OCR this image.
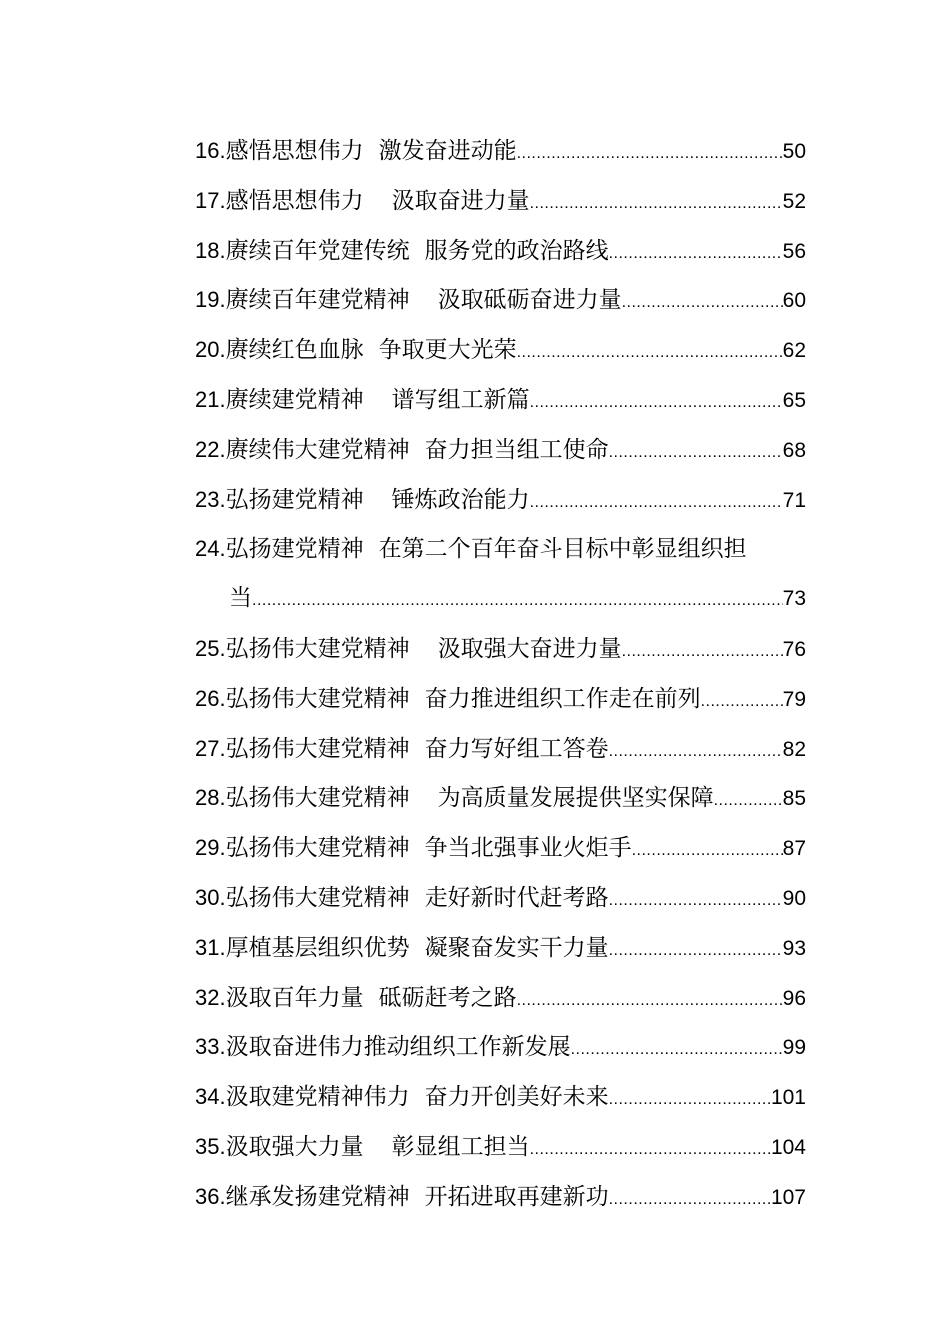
16. 感悟思想伟力 激发奋进动能 .....	50
17. 感悟思想伟力 汲取奋进力量 .....	52
18. 赓续百年党建传统 服务党的政治路线 .....	56
19. 赓续百年建党精神 汲取砥砺奋进力量 .....	60
20. 赓续红色血脉 争取更大光荣 .....	62
21. 赓续建党精神 谱写组工新篇 .....	65
22. 赓续伟大建党精神 奋力担当组工使命 .....	68
23. 弘扬建党精神 锤炼政治能力 .....	71
24. 弘扬建党精神 在第二个百年奋斗目标中彰显组织担
当 .....	73
25. 弘扬伟大建党精神 汲取强大奋进力量 .....	76
26. 弘扬伟大建党精神 奋力推进组织工作走在前列 .....	79
27. 弘扬伟大建党精神 奋力写好组工答卷 .....	82
28. 弘扬伟大建党精神 为高质量发展提供坚实保障 .....	85
29. 弘扬伟大建党精神 争当北强事业火炬手 .....	87
30. 弘扬伟大建党精神 走好新时代赶考路 .....	90
31. 厚植基层组织优势 凝聚奋发实干力量 .....	93
32. 汲取百年力量 砥砺赶考之路 .....	96
33. 汲取奋进伟力推动组织工作新发展 .....	99
34. 汲取建党精神伟力 奋力开创美好未来 .....	101
35. 汲取强大力量 彰显组工担当 .....	104
36. 继承发扬建党精神 开拓进取再建新功 .....	107
